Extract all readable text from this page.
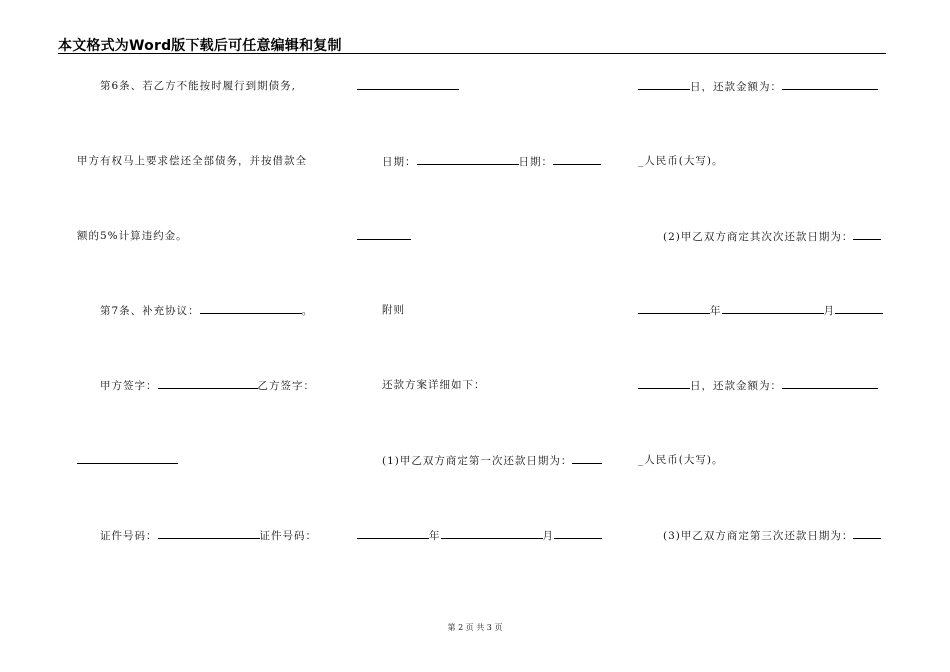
本文格式为Word版下载后可任意编辑和复制
第6条、若乙方不能按时履行到期债务,
甲方有权马上要求偿还全部债务，并按借款全
额的5%计算违约金。
第7条、补充协议：	。
甲方签字：	乙方签字：
证件号码：	证件号码：
日期：	日期：
附则
还款方案详细如下：
(1)甲乙双方商定第一次还款日期为：
年	月
日，还款金额为：
_人民币(大写)。
(2)甲乙双方商定其次次还款日期为：
年	月
日，还款金额为：
_人民币(大写)。
(3)甲乙双方商定第三次还款日期为：
第 2 页 共 3 页
